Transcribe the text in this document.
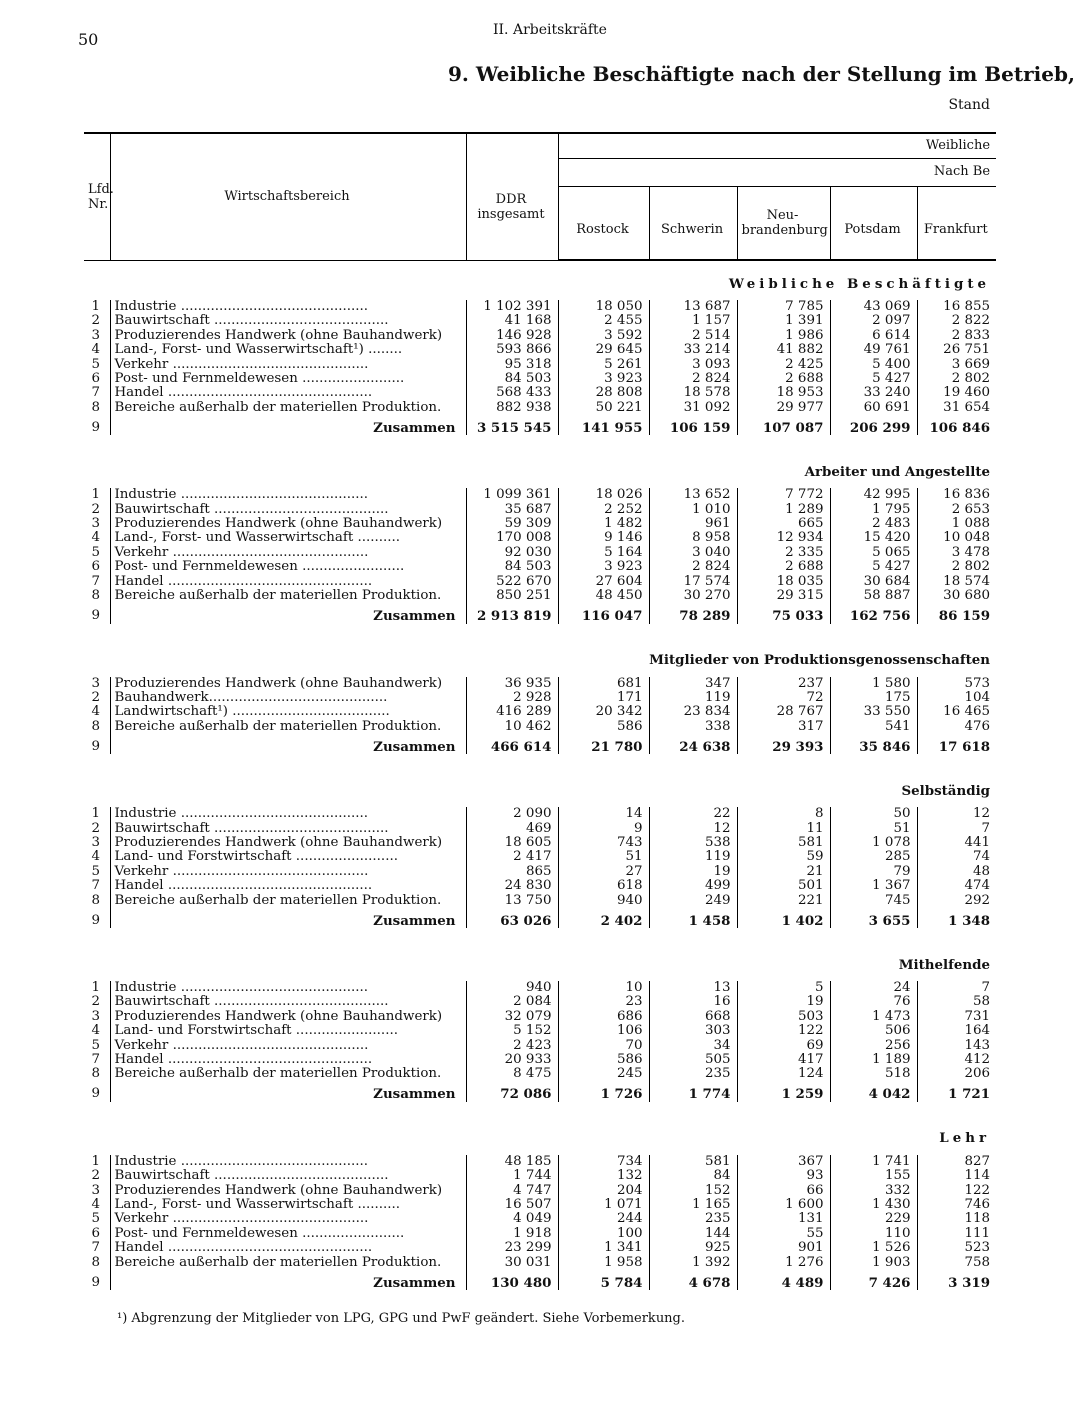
50	II. Arbeitskräfte
9. Weibliche Beschäftigte nach der Stellung im Betrieb,
Stand
Lfd. Nr.	Wirtschaftsbereich	DDR insgesamt	Weibliche				
			Nach Be				
			Rostock	Schwerin	Neu-brandenburg	Potsdam	Frankfurt
Weibliche Beschäftigte							

1	Industrie ............................................	1 102 391	18 050	13 687	7 785	43 069	16 855
2	Bauwirtschaft .........................................	41 168	2 455	1 157	1 391	2 097	2 822
3	Produzierendes Handwerk (ohne Bauhandwerk)	146 928	3 592	2 514	1 986	6 614	2 833
4	Land-, Forst- und Wasserwirtschaft¹) ........	593 866	29 645	33 214	41 882	49 761	26 751
5	Verkehr ..............................................	95 318	5 261	3 093	2 425	5 400	3 669
6	Post- und Fernmeldewesen ........................	84 503	3 923	2 824	2 688	5 427	2 802
7	Handel ................................................	568 433	28 808	18 578	18 953	33 240	19 460
8	Bereiche außerhalb der materiellen Produktion.	882 938	50 221	31 092	29 977	60 691	31 654
9	Zusammen	3 515 545	141 955	106 159	107 087	206 299	106 846

Arbeiter und Angestellte							

1	Industrie ............................................	1 099 361	18 026	13 652	7 772	42 995	16 836
2	Bauwirtschaft .........................................	35 687	2 252	1 010	1 289	1 795	2 653
3	Produzierendes Handwerk (ohne Bauhandwerk)	59 309	1 482	961	665	2 483	1 088
4	Land-, Forst- und Wasserwirtschaft ..........	170 008	9 146	8 958	12 934	15 420	10 048
5	Verkehr ..............................................	92 030	5 164	3 040	2 335	5 065	3 478
6	Post- und Fernmeldewesen ........................	84 503	3 923	2 824	2 688	5 427	2 802
7	Handel ................................................	522 670	27 604	17 574	18 035	30 684	18 574
8	Bereiche außerhalb der materiellen Produktion.	850 251	48 450	30 270	29 315	58 887	30 680
9	Zusammen	2 913 819	116 047	78 289	75 033	162 756	86 159

Mitglieder von Produktionsgenossenschaften							

3	Produzierendes Handwerk (ohne Bauhandwerk)	36 935	681	347	237	1 580	573
2	Bauhandwerk..........................................	2 928	171	119	72	175	104
4	Landwirtschaft¹) .....................................	416 289	20 342	23 834	28 767	33 550	16 465
8	Bereiche außerhalb der materiellen Produktion.	10 462	586	338	317	541	476
9	Zusammen	466 614	21 780	24 638	29 393	35 846	17 618

Selbständig							

1	Industrie ............................................	2 090	14	22	8	50	12
2	Bauwirtschaft .........................................	469	9	12	11	51	7
3	Produzierendes Handwerk (ohne Bauhandwerk)	18 605	743	538	581	1 078	441
4	Land- und Forstwirtschaft ........................	2 417	51	119	59	285	74
5	Verkehr ..............................................	865	27	19	21	79	48
7	Handel ................................................	24 830	618	499	501	1 367	474
8	Bereiche außerhalb der materiellen Produktion.	13 750	940	249	221	745	292
9	Zusammen	63 026	2 402	1 458	1 402	3 655	1 348

Mithelfende							

1	Industrie ............................................	940	10	13	5	24	7
2	Bauwirtschaft .........................................	2 084	23	16	19	76	58
3	Produzierendes Handwerk (ohne Bauhandwerk)	32 079	686	668	503	1 473	731
4	Land- und Forstwirtschaft ........................	5 152	106	303	122	506	164
5	Verkehr ..............................................	2 423	70	34	69	256	143
7	Handel ................................................	20 933	586	505	417	1 189	412
8	Bereiche außerhalb der materiellen Produktion.	8 475	245	235	124	518	206
9	Zusammen	72 086	1 726	1 774	1 259	4 042	1 721

Lehr							

1	Industrie ............................................	48 185	734	581	367	1 741	827
2	Bauwirtschaft .........................................	1 744	132	84	93	155	114
3	Produzierendes Handwerk (ohne Bauhandwerk)	4 747	204	152	66	332	122
4	Land-, Forst- und Wasserwirtschaft ..........	16 507	1 071	1 165	1 600	1 430	746
5	Verkehr ..............................................	4 049	244	235	131	229	118
6	Post- und Fernmeldewesen ........................	1 918	100	144	55	110	111
7	Handel ................................................	23 299	1 341	925	901	1 526	523
8	Bereiche außerhalb der materiellen Produktion.	30 031	1 958	1 392	1 276	1 903	758
9	Zusammen	130 480	5 784	4 678	4 489	7 426	3 319
¹) Abgrenzung der Mitglieder von LPG, GPG und PwF geändert. Siehe Vorbemerkung.
